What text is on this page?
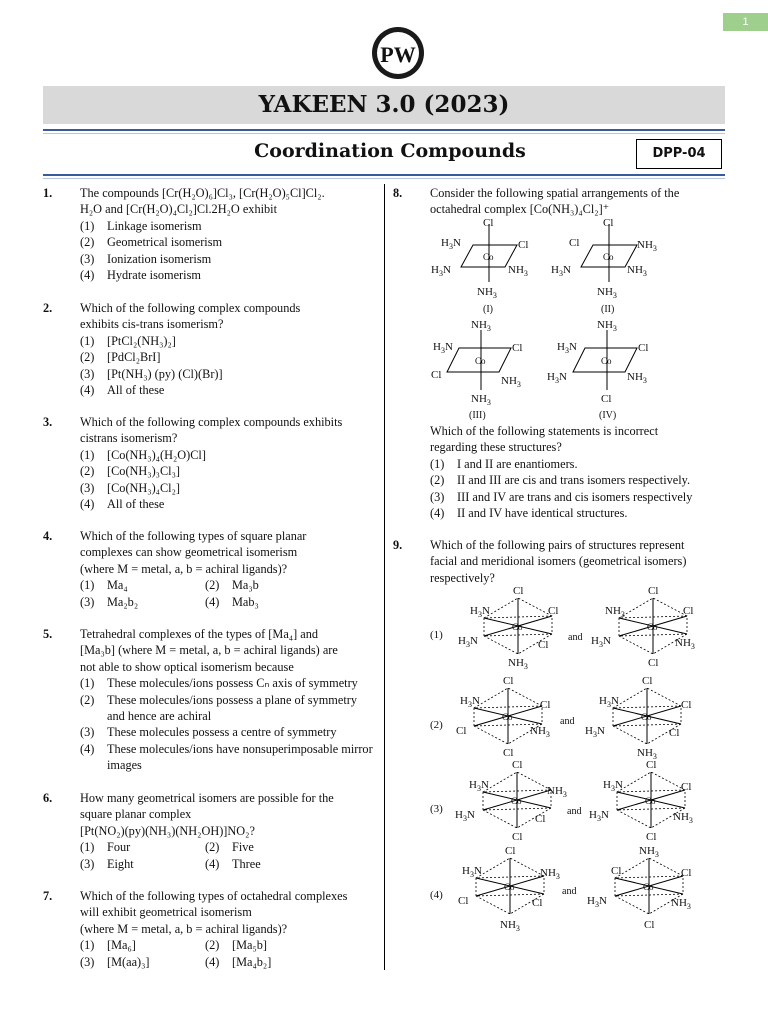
1
PW
YAKEEN 3.0 (2023)
Coordination Compounds	DPP-04
1. The compounds [Cr(H₂O)₆]Cl₃, [Cr(H₂O)₅Cl]Cl₂.
H₂O and [Cr(H₂O)₄Cl₂]Cl.2H₂O exhibit
(1) Linkage isomerism
(2) Geometrical isomerism
(3) Ionization isomerism
(4) Hydrate isomerism
2. Which of the following complex compounds
exhibits cis-trans isomerism?
(1) [PtCl₂(NH₃)₂]
(2) [PdCl₂BrI]
(3) [Pt(NH₃) (py) (Cl)(Br)]
(4) All of these
3. Which of the following complex compounds exhibits
cistrans isomerism?
(1) [Co(NH₃)₄(H₂O)Cl]
(2) [Co(NH₃)₃Cl₃]
(3) [Co(NH₃)₄Cl₂]
(4) All of these
4. Which of the following types of square planar
complexes can show geometrical isomerism
(where M = metal, a, b = achiral ligands)?
(1) Ma₄	(2) Ma₃b
(3) Ma₂b₂	(4) Mab₃
5. Tetrahedral complexes of the types of [Ma₄] and
[Ma₃b] (where M = metal, a, b = achiral ligands) are
not able to show optical isomerism because
(1) These molecules/ions possess Cₙ axis of symmetry
(2) These molecules/ions possess a plane of symmetry and hence are achiral
(3) These molecules possess a centre of symmetry
(4) These molecules/ions have nonsuperimposable mirror images
6. How many geometrical isomers are possible for the
square planar complex
[Pt(NO₂)(py)(NH₃)(NH₂OH)]NO₂?
(1) Four	(2) Five
(3) Eight	(4) Three
7. Which of the following types of octahedral complexes
will exhibit geometrical isomerism
(where M = metal, a, b = achiral ligands)?
(1) [Ma₆]	(2) [Ma₅b]
(3) [M(aa)₃]	(4) [Ma₄b₂]
8. Consider the following spatial arrangements of the
octahedral complex [Co(NH₃)₄Cl₂]⁺
Cl
Co
$H_3N$	Cl
$H_3N$	$NH_3$
$NH_3$
(I)
Cl
Co
Cl	$NH_3$
$H_3N$	$NH_3$
$NH_3$
(II)
$NH_3$
Co
$H_3N$	Cl
Cl	$NH_3$
$NH_3$
(III)
$NH_3$
Co
$H_3N$	Cl
$H_3N$	$NH_3$
Cl
(IV)
Which of the following statements is incorrect
regarding these structures?
(1) I and II are enantiomers.
(2) II and III are cis and trans isomers respectively.
(3) III and IV are trans and cis isomers respectively
(4) II and IV have identical structures.
9. Which of the following pairs of structures represent
facial and meridional isomers (geometrical isomers)
respectively?
(1)
Cl
Co
$H_3N$	Cl
$H_3N$	Cl
$NH_3$
and
Cl
Co
$NH_3$	Cl
$H_3N$	$NH_3$
Cl
(2)
Cl
Co
$H_3N$	Cl
Cl	$NH_3$
Cl
and
Cl
Co
$H_3N$	Cl
$H_3N$	Cl
$NH_3$
(3)
Cl
Co
$H_3N$	$NH_3$
$H_3N$	Cl
Cl
and
Cl
Co
$H_3N$	Cl
$H_3N$	$NH_3$
Cl
(4)
Cl
Co
$H_3N$	$NH_3$
Cl	Cl
$NH_3$
and
$NH_3$
Co
Cl	Cl
$H_3N$	$NH_3$
Cl
